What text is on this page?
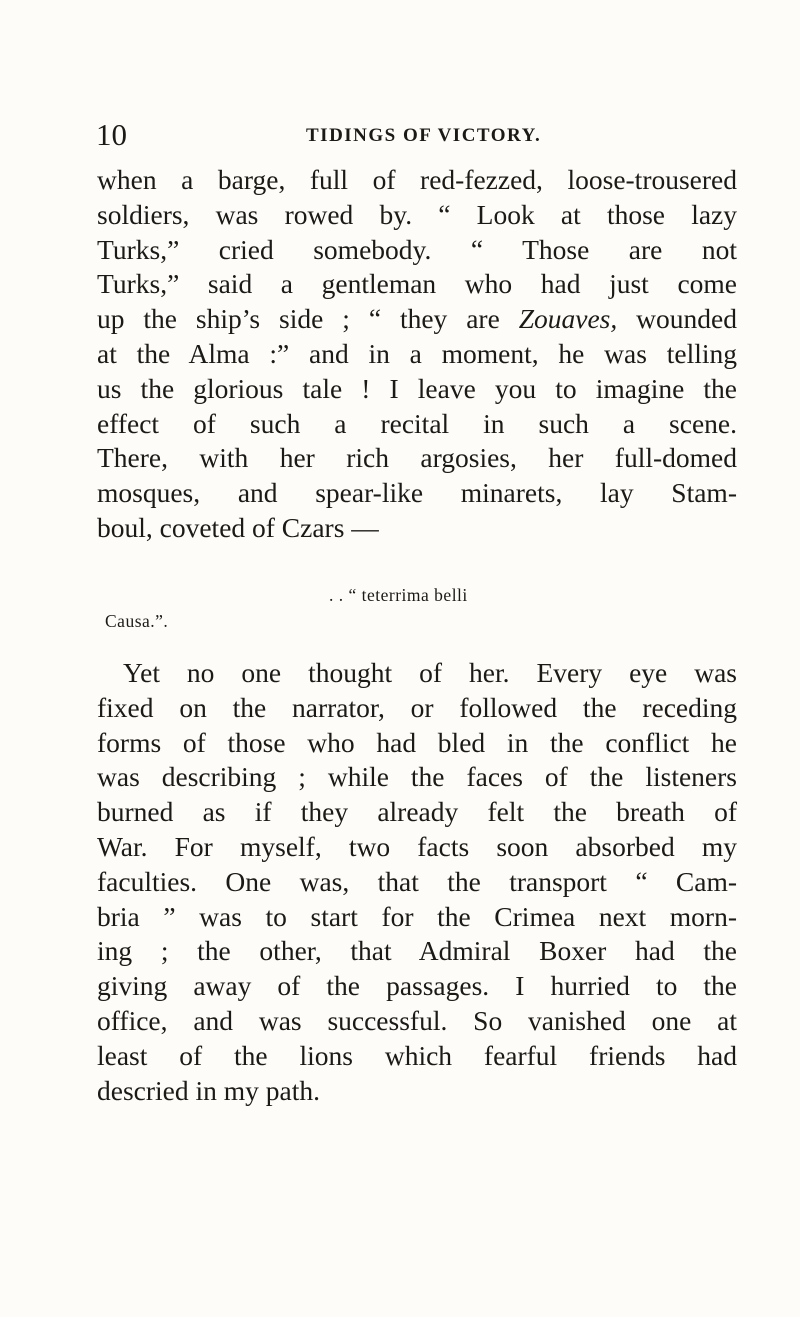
10	TIDINGS OF VICTORY.
when a barge, full of red-fezzed, loose-trousered
soldiers, was rowed by. “ Look at those lazy
Turks,” cried somebody. “ Those are not
Turks,” said a gentleman who had just come
up the ship’s side ; “ they are Zouaves, wounded
at the Alma :” and in a moment, he was telling
us the glorious tale ! I leave you to imagine the
effect of such a recital in such a scene.
There, with her rich argosies, her full-domed
mosques, and spear-like minarets, lay Stam-
boul, coveted of Czars —
. . “ teterrima belli
Causa.”.
Yet no one thought of her. Every eye was
fixed on the narrator, or followed the receding
forms of those who had bled in the conflict he
was describing ; while the faces of the listeners
burned as if they already felt the breath of
War. For myself, two facts soon absorbed my
faculties. One was, that the transport “ Cam-
bria ” was to start for the Crimea next morn-
ing ; the other, that Admiral Boxer had the
giving away of the passages. I hurried to the
office, and was successful. So vanished one at
least of the lions which fearful friends had
descried in my path.
